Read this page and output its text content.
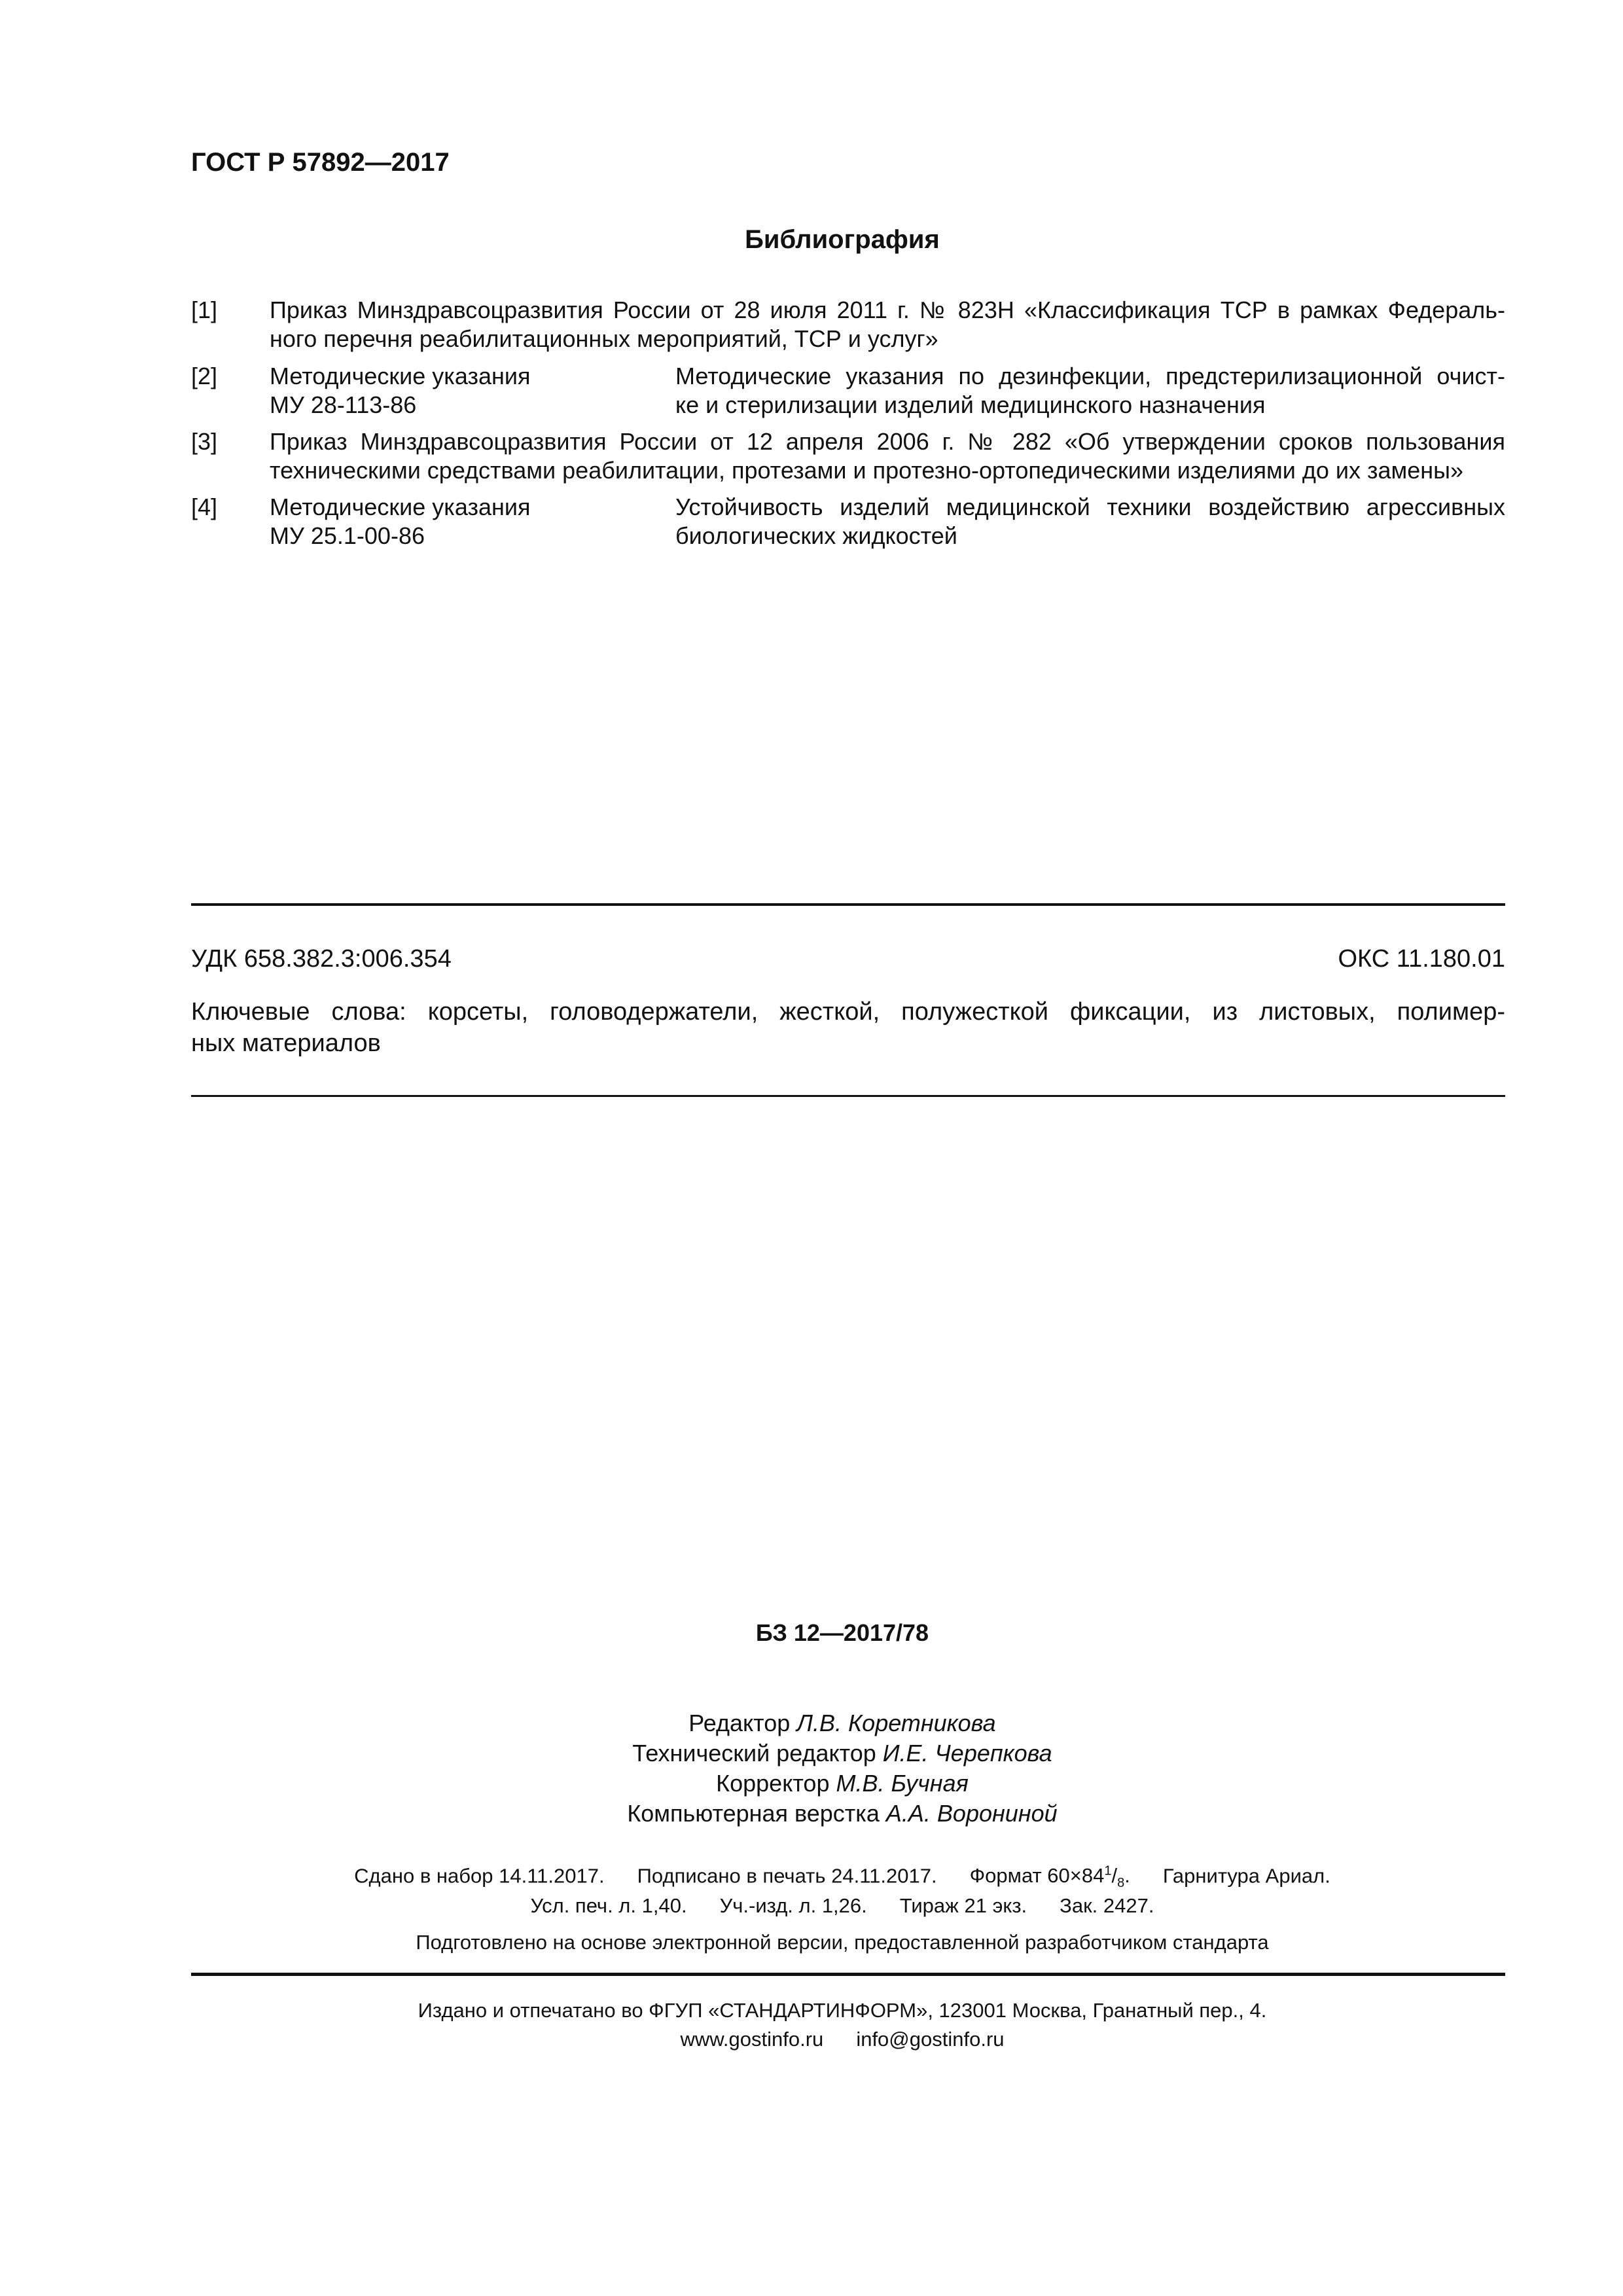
ГОСТ Р 57892—2017
Библиография
[1] Приказ Минздравсоцразвития России от 28 июля 2011 г. № 823Н «Классификация ТСР в рамках Федераль-
ного перечня реабилитационных мероприятий, ТСР и услуг»
[2] Методические указания
МУ 28-113-86
Методические указания по дезинфекции, предстерилизационной очист-
ке и стерилизации изделий медицинского назначения
[3] Приказ Минздравсоцразвития России от 12 апреля 2006 г. № 282 «Об утверждении сроков пользования
техническими средствами реабилитации, протезами и протезно-ортопедическими изделиями до их замены»
[4] Методические указания
МУ 25.1-00-86
Устойчивость изделий медицинской техники воздействию агрессивных
биологических жидкостей
УДК 658.382.3:006.354	ОКС 11.180.01
Ключевые слова: корсеты, головодержатели, жесткой, полужесткой фиксации, из листовых, полимер-
ных материалов
БЗ 12—2017/78
Редактор Л.В. Коретникова
Технический редактор И.Е. Черепкова
Корректор М.В. Бучная
Компьютерная верстка А.А. Ворониной
Сдано в набор 14.11.2017. Подписано в печать 24.11.2017. Формат $60\times 84^1/_8$. Гарнитура Ариал.
Усл. печ. л. 1,40. Уч.-изд. л. 1,26. Тираж 21 экз. Зак. 2427.
Подготовлено на основе электронной версии, предоставленной разработчиком стандарта
Издано и отпечатано во ФГУП «СТАНДАРТИНФОРМ», 123001 Москва, Гранатный пер., 4.
www.gostinfo.ru info@gostinfo.ru
